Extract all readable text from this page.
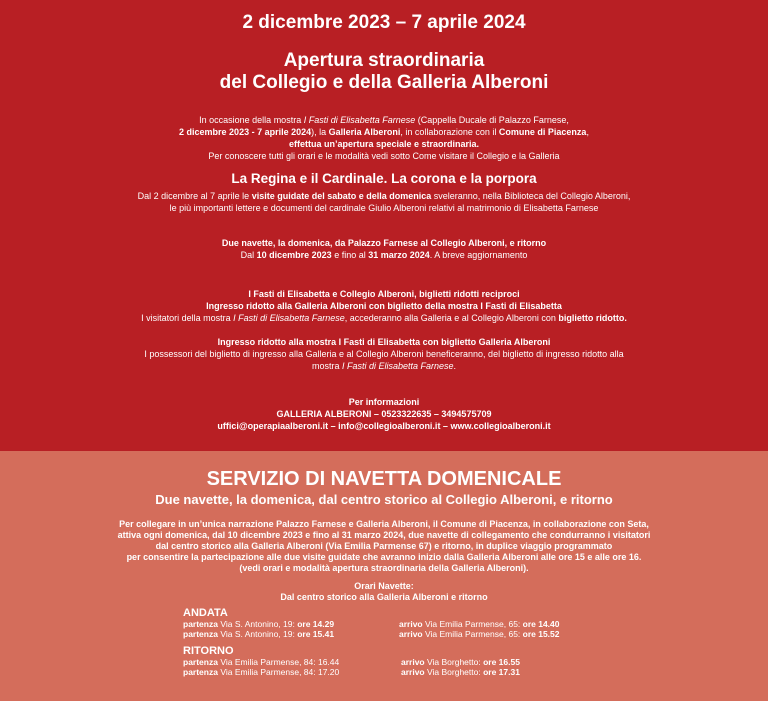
2 dicembre 2023 – 7 aprile 2024
Apertura straordinaria
del Collegio e della Galleria Alberoni
In occasione della mostra I Fasti di Elisabetta Farnese (Cappella Ducale di Palazzo Farnese,
2 dicembre 2023 - 7 aprile 2024), la Galleria Alberoni, in collaborazione con il Comune di Piacenza,
effettua un’apertura speciale e straordinaria.
Per conoscere tutti gli orari e le modalità vedi sotto Come visitare il Collegio e la Galleria
La Regina e il Cardinale. La corona e la porpora
Dal 2 dicembre al 7 aprile le visite guidate del sabato e della domenica sveleranno, nella Biblioteca del Collegio Alberoni,
le più importanti lettere e documenti del cardinale Giulio Alberoni relativi al matrimonio di Elisabetta Farnese
Due navette, la domenica, da Palazzo Farnese al Collegio Alberoni, e ritorno
Dal 10 dicembre 2023 e fino al 31 marzo 2024. A breve aggiornamento
I Fasti di Elisabetta e Collegio Alberoni, biglietti ridotti reciproci
Ingresso ridotto alla Galleria Alberoni con biglietto della mostra I Fasti di Elisabetta
I visitatori della mostra I Fasti di Elisabetta Farnese, accederanno alla Galleria e al Collegio Alberoni con biglietto ridotto.
Ingresso ridotto alla mostra I Fasti di Elisabetta con biglietto Galleria Alberoni
I possessori del biglietto di ingresso alla Galleria e al Collegio Alberoni beneficeranno, del biglietto di ingresso ridotto alla
mostra I Fasti di Elisabetta Farnese.
Per informazioni
GALLERIA ALBERONI – 0523322635 – 3494575709
uffici@operapiaalberoni.it – info@collegioalberoni.it – www.collegioalberoni.it
SERVIZIO DI NAVETTA DOMENICALE
Due navette, la domenica, dal centro storico al Collegio Alberoni, e ritorno
Per collegare in un’unica narrazione Palazzo Farnese e Galleria Alberoni, il Comune di Piacenza, in collaborazione con Seta,
attiva ogni domenica, dal 10 dicembre 2023 e fino al 31 marzo 2024, due navette di collegamento che condurranno i visitatori
dal centro storico alla Galleria Alberoni (Via Emilia Parmense 67) e ritorno, in duplice viaggio programmato
per consentire la partecipazione alle due visite guidate che avranno inizio dalla Galleria Alberoni alle ore 15 e alle ore 16.
(vedi orari e modalità apertura straordinaria della Galleria Alberoni).
Orari Navette:
Dal centro storico alla Galleria Alberoni e ritorno
ANDATA
partenza Via S. Antonino, 19: ore 14.29
partenza Via S. Antonino, 19: ore 15.41
arrivo Via Emilia Parmense, 65: ore 14.40
arrivo Via Emilia Parmense, 65: ore 15.52
RITORNO
partenza Via Emilia Parmense, 84: 16.44
partenza Via Emilia Parmense, 84: 17.20
arrivo Via Borghetto: ore 16.55
arrivo Via Borghetto: ore 17.31
